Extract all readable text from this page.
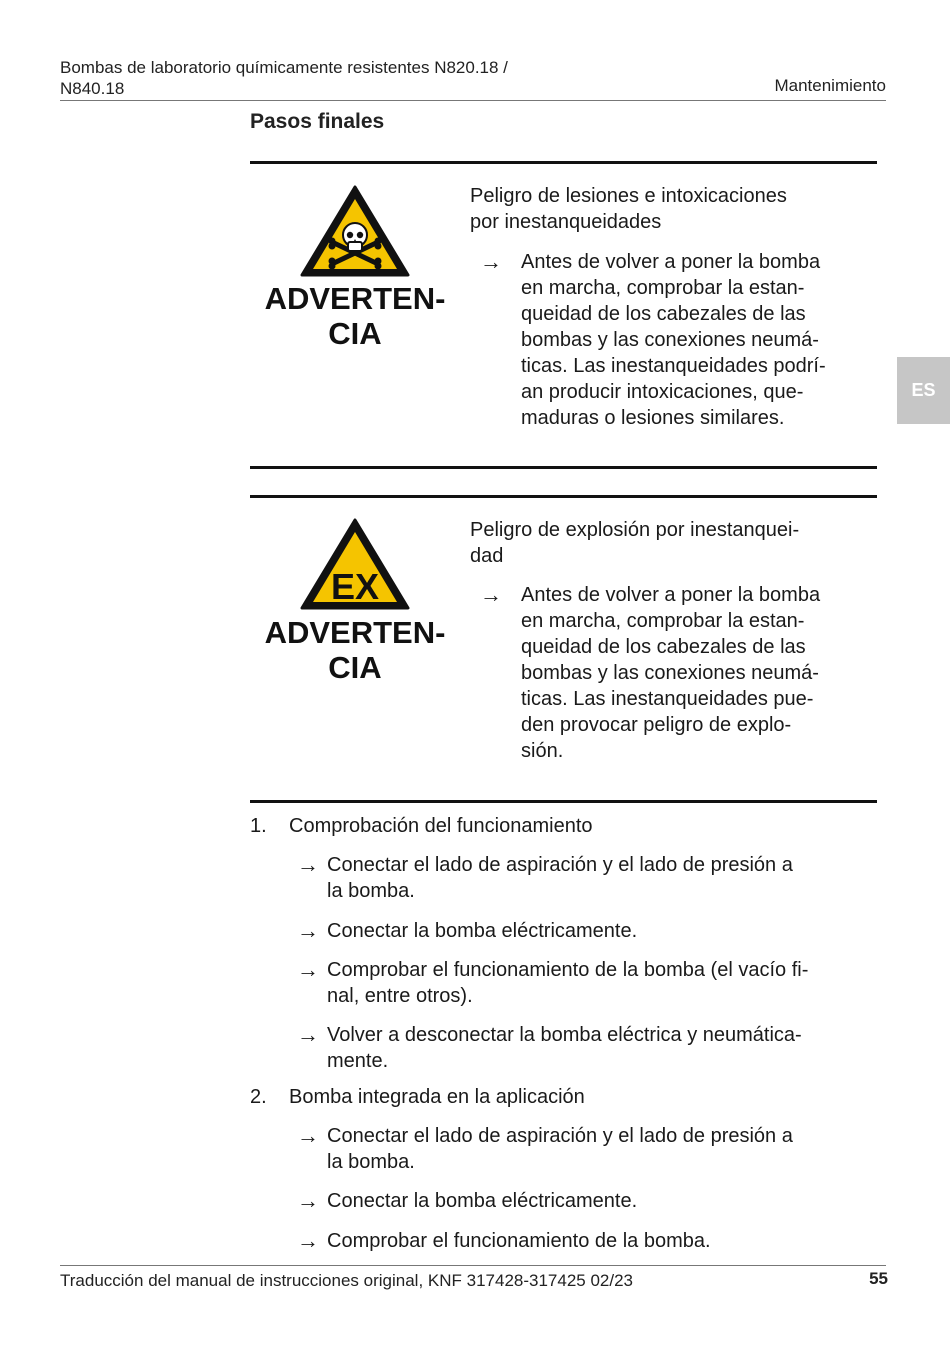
Bombas de laboratorio químicamente resistentes N820.18 /
N840.18	Mantenimiento
Pasos finales
ADVERTEN-
CIA
Peligro de lesiones e intoxicaciones
por inestanqueidades
→ Antes de volver a poner la bomba
en marcha, comprobar la estan-
queidad de los cabezales de las
bombas y las conexiones neumá-
ticas. Las inestanqueidades podrí-
an producir intoxicaciones, que-
maduras o lesiones similares.
ES
EX
ADVERTEN-
CIA
Peligro de explosión por inestanquei-
dad
→ Antes de volver a poner la bomba
en marcha, comprobar la estan-
queidad de los cabezales de las
bombas y las conexiones neumá-
ticas. Las inestanqueidades pue-
den provocar peligro de explo-
sión.
1. Comprobación del funcionamiento
→ Conectar el lado de aspiración y el lado de presión a
la bomba.
→ Conectar la bomba eléctricamente.
→ Comprobar el funcionamiento de la bomba (el vacío fi-
nal, entre otros).
→ Volver a desconectar la bomba eléctrica y neumática-
mente.
2. Bomba integrada en la aplicación
→ Conectar el lado de aspiración y el lado de presión a
la bomba.
→ Conectar la bomba eléctricamente.
→ Comprobar el funcionamiento de la bomba.
Traducción del manual de instrucciones original, KNF 317428-317425 02/23	55
